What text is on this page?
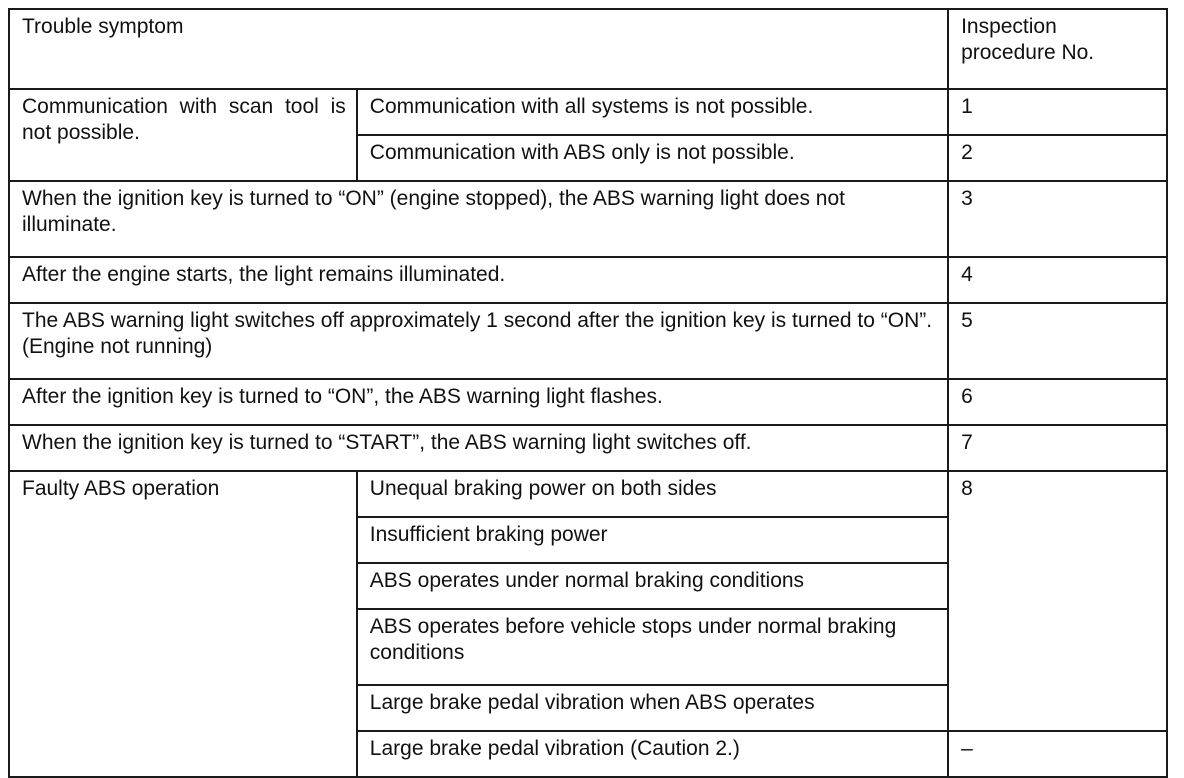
Trouble symptom		Inspection procedure No.
Communication with scan tool is not possible.	Communication with all systems is not possible.	1
	Communication with ABS only is not possible.	2
When the ignition key is turned to “ON” (engine stopped), the ABS warning light does not illuminate.		3
After the engine starts, the light remains illuminated.		4
The ABS warning light switches off approximately 1 second after the ignition key is turned to “ON”. (Engine not running)		5
After the ignition key is turned to “ON”, the ABS warning light flashes.		6
When the ignition key is turned to “START”, the ABS warning light switches off.		7
Faulty ABS operation	Unequal braking power on both sides	8
	Insufficient braking power	
	ABS operates under normal braking conditions	
	ABS operates before vehicle stops under normal braking conditions	
	Large brake pedal vibration when ABS operates	
	Large brake pedal vibration (Caution 2.)	–
